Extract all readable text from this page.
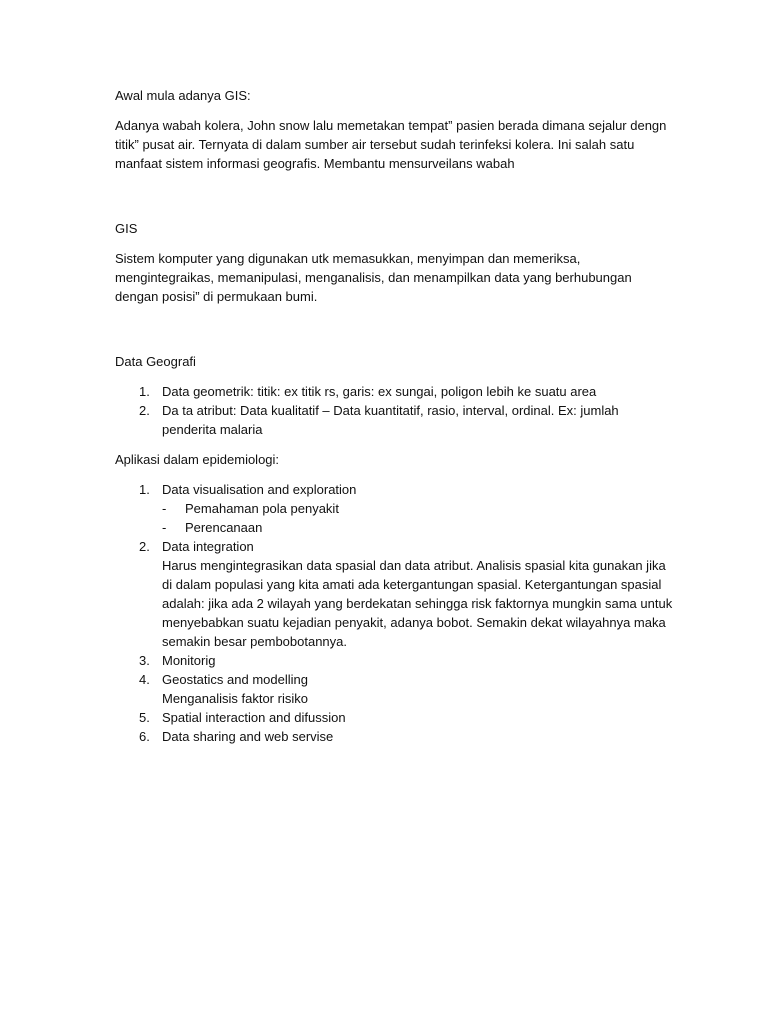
Awal mula adanya GIS:

Adanya wabah kolera, John snow lalu memetakan tempat” pasien berada dimana sejalur dengn
titik” pusat air. Ternyata di dalam sumber air tersebut sudah terinfeksi kolera. Ini salah satu
manfaat sistem informasi geografis. Membantu mensurveilans wabah

GIS

Sistem komputer yang digunakan utk memasukkan, menyimpan dan memeriksa,
mengintegraikas, memanipulasi, menganalisis, dan menampilkan data yang berhubungan
dengan posisi” di permukaan bumi.

Data Geografi

1. Data geometrik: titik: ex titik rs, garis: ex sungai, poligon lebih ke suatu area
2. Da ta atribut: Data kualitatif – Data kuantitatif, rasio, interval, ordinal. Ex: jumlah
penderita malaria

Aplikasi dalam epidemiologi:

1. Data visualisation and exploration
- Pemahaman pola penyakit
- Perencanaan
2. Data integration
Harus mengintegrasikan data spasial dan data atribut. Analisis spasial kita gunakan jika
di dalam populasi yang kita amati ada ketergantungan spasial. Ketergantungan spasial
adalah: jika ada 2 wilayah yang berdekatan sehingga risk faktornya mungkin sama untuk
menyebabkan suatu kejadian penyakit, adanya bobot. Semakin dekat wilayahnya maka
semakin besar pembobotannya.
3. Monitorig
4. Geostatics and modelling
Menganalisis faktor risiko
5. Spatial interaction and difussion
6. Data sharing and web servise
